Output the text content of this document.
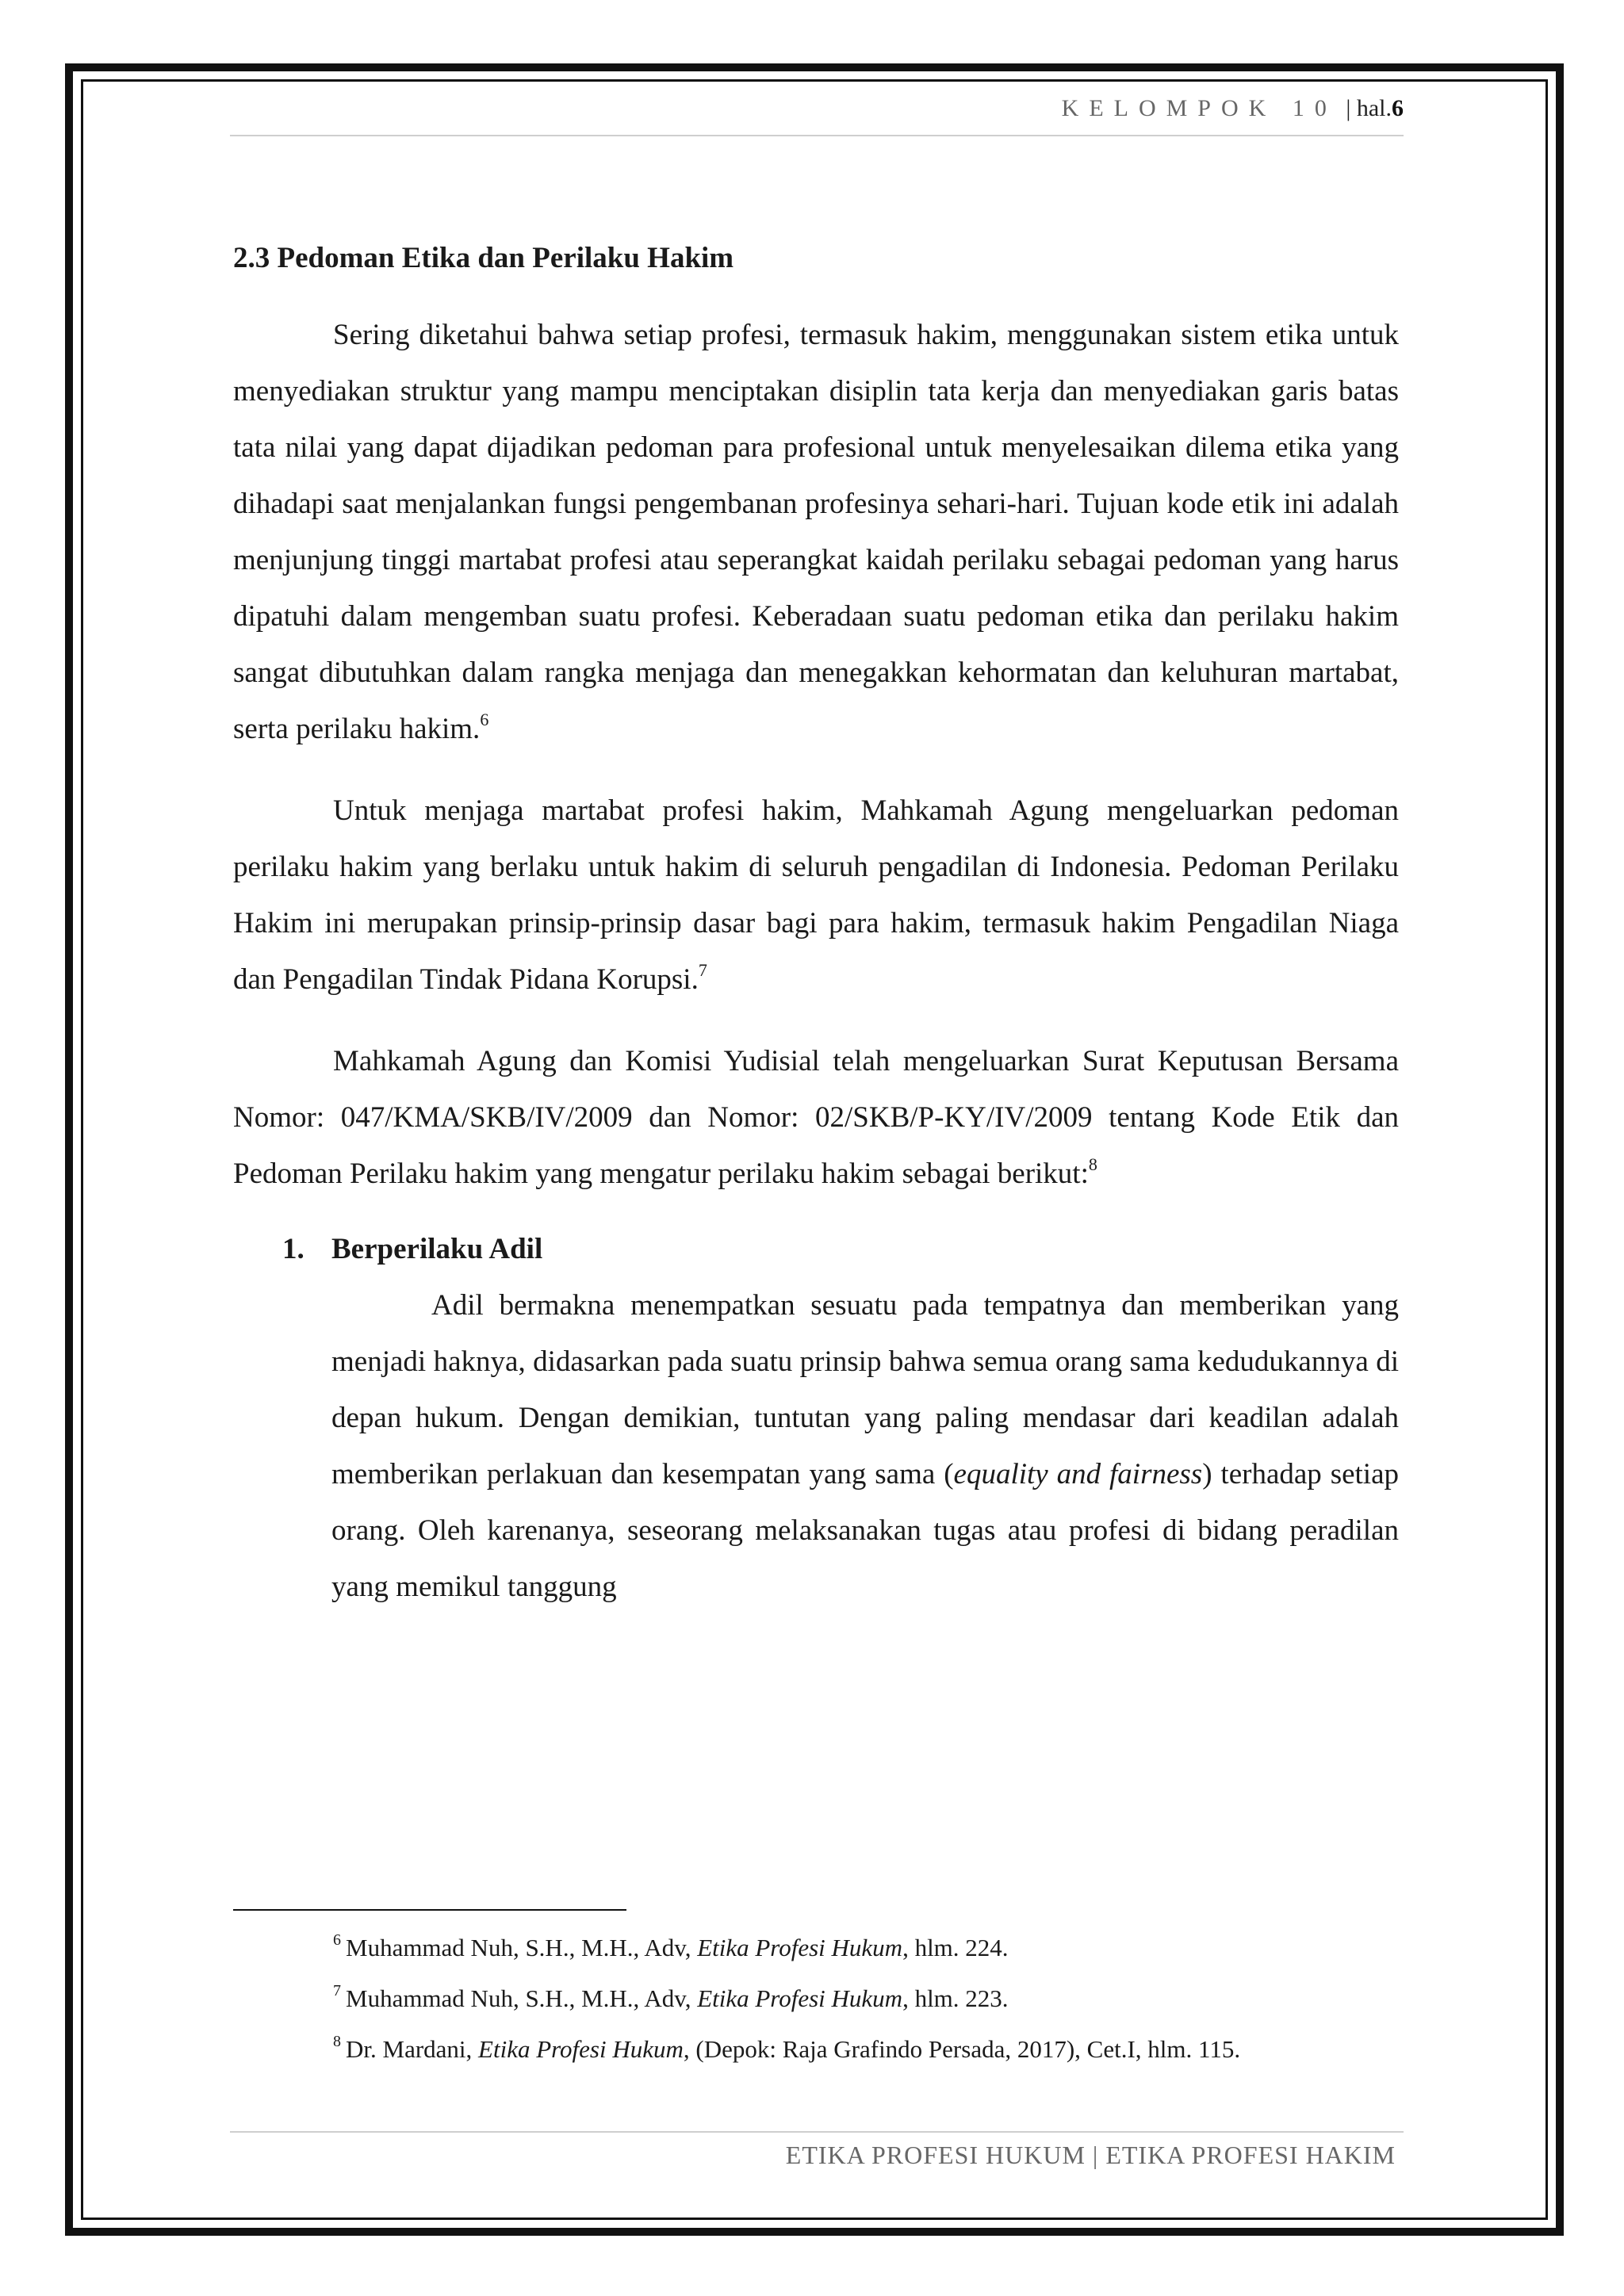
KELOMPOK 10 | hal.6
2.3 Pedoman Etika dan Perilaku Hakim

Sering diketahui bahwa setiap profesi, termasuk hakim, menggunakan sistem etika untuk menyediakan struktur yang mampu menciptakan disiplin tata kerja dan menyediakan garis batas tata nilai yang dapat dijadikan pedoman para profesional untuk menyelesaikan dilema etika yang dihadapi saat menjalankan fungsi pengembanan profesinya sehari-hari. Tujuan kode etik ini adalah menjunjung tinggi martabat profesi atau seperangkat kaidah perilaku sebagai pedoman yang harus dipatuhi dalam mengemban suatu profesi. Keberadaan suatu pedoman etika dan perilaku hakim sangat dibutuhkan dalam rangka menjaga dan menegakkan kehormatan dan keluhuran martabat, serta perilaku hakim.$^6$

Untuk menjaga martabat profesi hakim, Mahkamah Agung mengeluarkan pedoman perilaku hakim yang berlaku untuk hakim di seluruh pengadilan di Indonesia. Pedoman Perilaku Hakim ini merupakan prinsip-prinsip dasar bagi para hakim, termasuk hakim Pengadilan Niaga dan Pengadilan Tindak Pidana Korupsi.$^7$

Mahkamah Agung dan Komisi Yudisial telah mengeluarkan Surat Keputusan Bersama Nomor: 047/KMA/SKB/IV/2009 dan Nomor: 02/SKB/P-KY/IV/2009 tentang Kode Etik dan Pedoman Perilaku hakim yang mengatur perilaku hakim sebagai berikut:$^8$

1. Berperilaku Adil
Adil bermakna menempatkan sesuatu pada tempatnya dan memberikan yang menjadi haknya, didasarkan pada suatu prinsip bahwa semua orang sama kedudukannya di depan hukum. Dengan demikian, tuntutan yang paling mendasar dari keadilan adalah memberikan perlakuan dan kesempatan yang sama (equality and fairness) terhadap setiap orang. Oleh karenanya, seseorang melaksanakan tugas atau profesi di bidang peradilan yang memikul tanggung
$^6$ Muhammad Nuh, S.H., M.H., Adv, Etika Profesi Hukum, hlm. 224.
$^7$ Muhammad Nuh, S.H., M.H., Adv, Etika Profesi Hukum, hlm. 223.
$^8$ Dr. Mardani, Etika Profesi Hukum, (Depok: Raja Grafindo Persada, 2017), Cet.I, hlm. 115.
ETIKA PROFESI HUKUM | ETIKA PROFESI HAKIM
